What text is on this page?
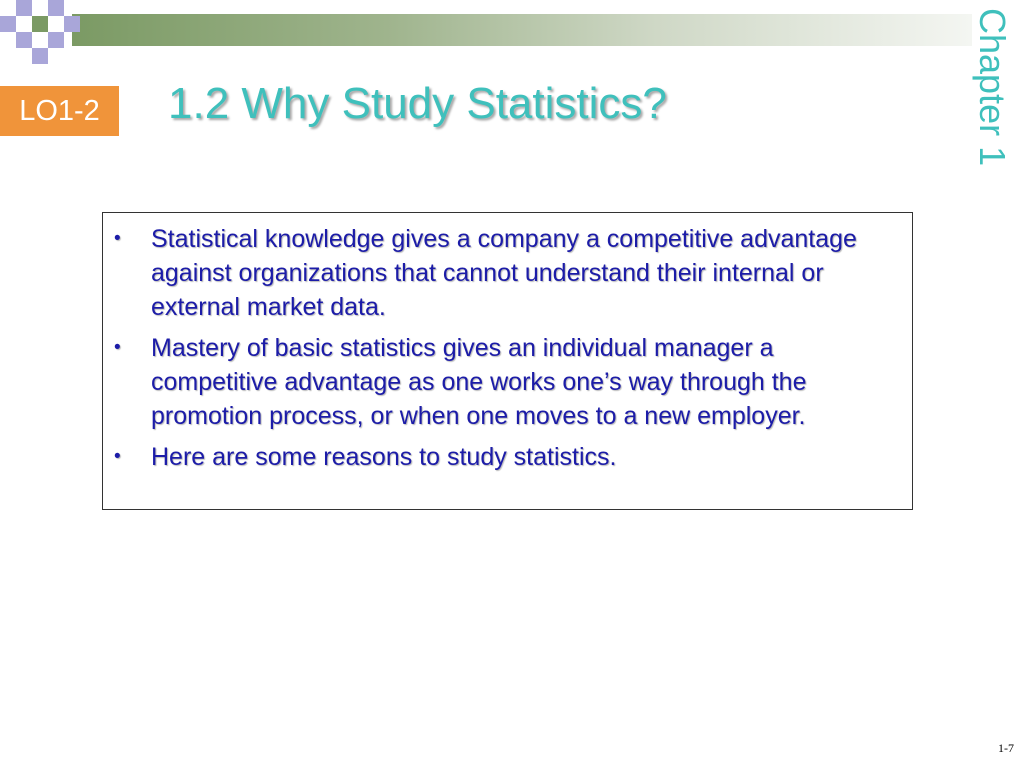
LO1-2	1.2 Why Study Statistics?	Chapter 1
• Statistical knowledge gives a company a competitive advantage against organizations that cannot understand their internal or external market data.
• Mastery of basic statistics gives an individual manager a competitive advantage as one works one’s way through the promotion process, or when one moves to a new employer.
• Here are some reasons to study statistics.
1-7
